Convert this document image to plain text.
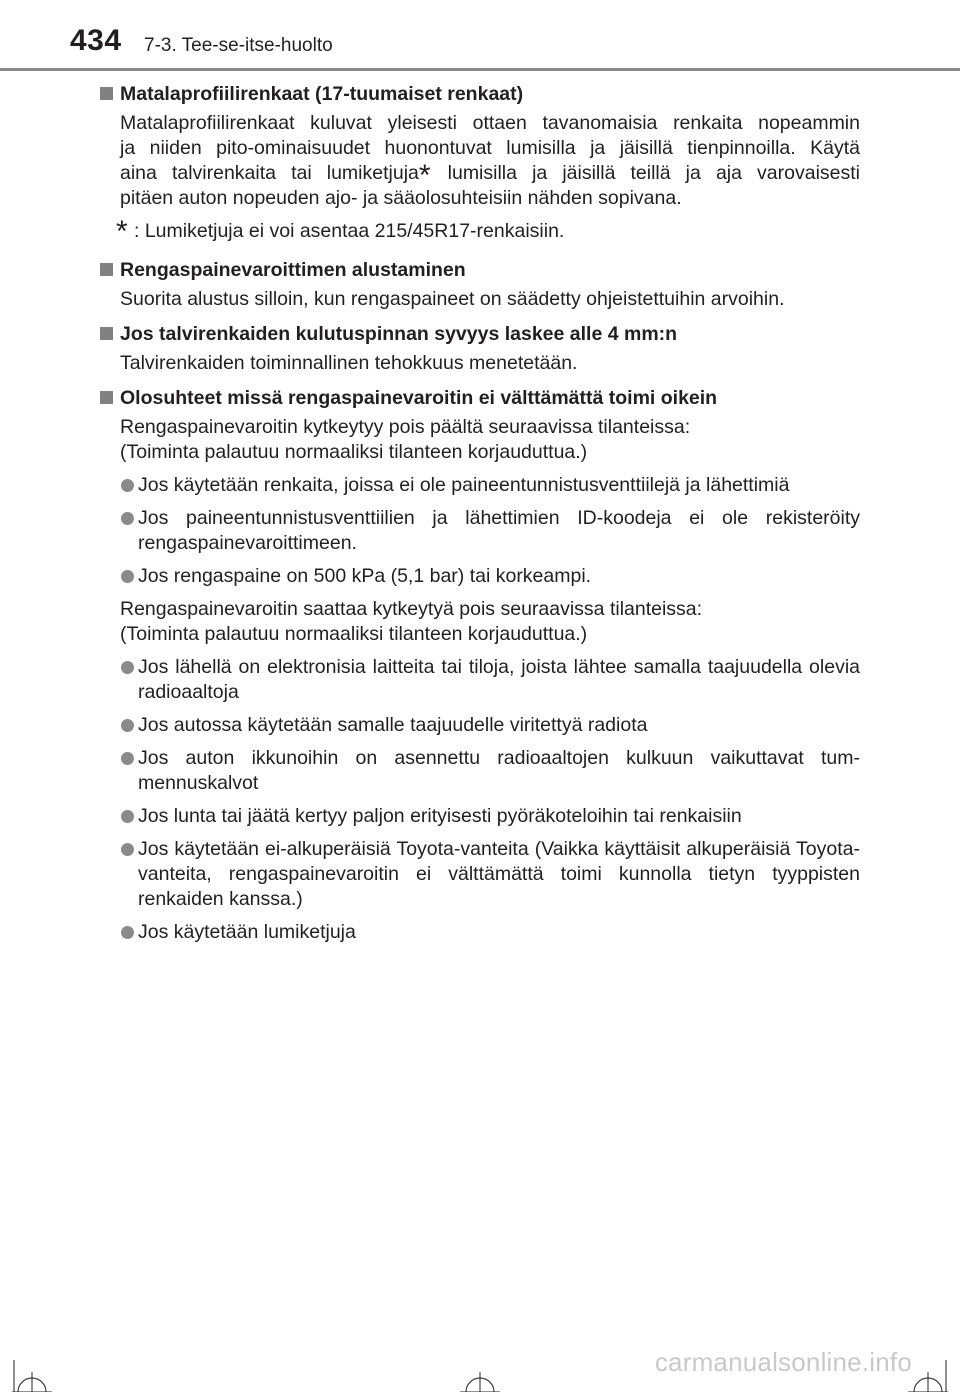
434 7-3. Tee-se-itse-huolto
Matalaprofiilirenkaat (17-tuumaiset renkaat)
Matalaprofiilirenkaat kuluvat yleisesti ottaen tavanomaisia renkaita nopeammin
ja niiden pito-ominaisuudet huonontuvat lumisilla ja jäisillä tienpinnoilla. Käytä
aina talvirenkaita tai lumiketjuja* lumisilla ja jäisillä teillä ja aja varovaisesti
pitäen auton nopeuden ajo- ja sääolosuhteisiin nähden sopivana.
* : Lumiketjuja ei voi asentaa 215/45R17-renkaisiin.
Rengaspainevaroittimen alustaminen
Suorita alustus silloin, kun rengaspaineet on säädetty ohjeistettuihin arvoihin.
Jos talvirenkaiden kulutuspinnan syvyys laskee alle 4 mm:n
Talvirenkaiden toiminnallinen tehokkuus menetetään.
Olosuhteet missä rengaspainevaroitin ei välttämättä toimi oikein
Rengaspainevaroitin kytkeytyy pois päältä seuraavissa tilanteissa:
(Toiminta palautuu normaaliksi tilanteen korjauduttua.)
Jos käytetään renkaita, joissa ei ole paineentunnistusventtiilejä ja lähettimiä
Jos paineentunnistusventtiilien ja lähettimien ID-koodeja ei ole rekisteröity rengaspainevaroittimeen.
Jos rengaspaine on 500 kPa (5,1 bar) tai korkeampi.
Rengaspainevaroitin saattaa kytkeytyä pois seuraavissa tilanteissa:
(Toiminta palautuu normaaliksi tilanteen korjauduttua.)
Jos lähellä on elektronisia laitteita tai tiloja, joista lähtee samalla taajuudella olevia radioaaltoja
Jos autossa käytetään samalle taajuudelle viritettyä radiota
Jos auton ikkunoihin on asennettu radioaaltojen kulkuun vaikuttavat tum-mennuskalvot
Jos lunta tai jäätä kertyy paljon erityisesti pyöräkoteloihin tai renkaisiin
Jos käytetään ei-alkuperäisiä Toyota-vanteita (Vaikka käyttäisit alkuperäisiä Toyota-vanteita, rengaspainevaroitin ei välttämättä toimi kunnolla tietyn tyyppisten renkaiden kanssa.)
Jos käytetään lumiketjuja
carmanualsonline.info
